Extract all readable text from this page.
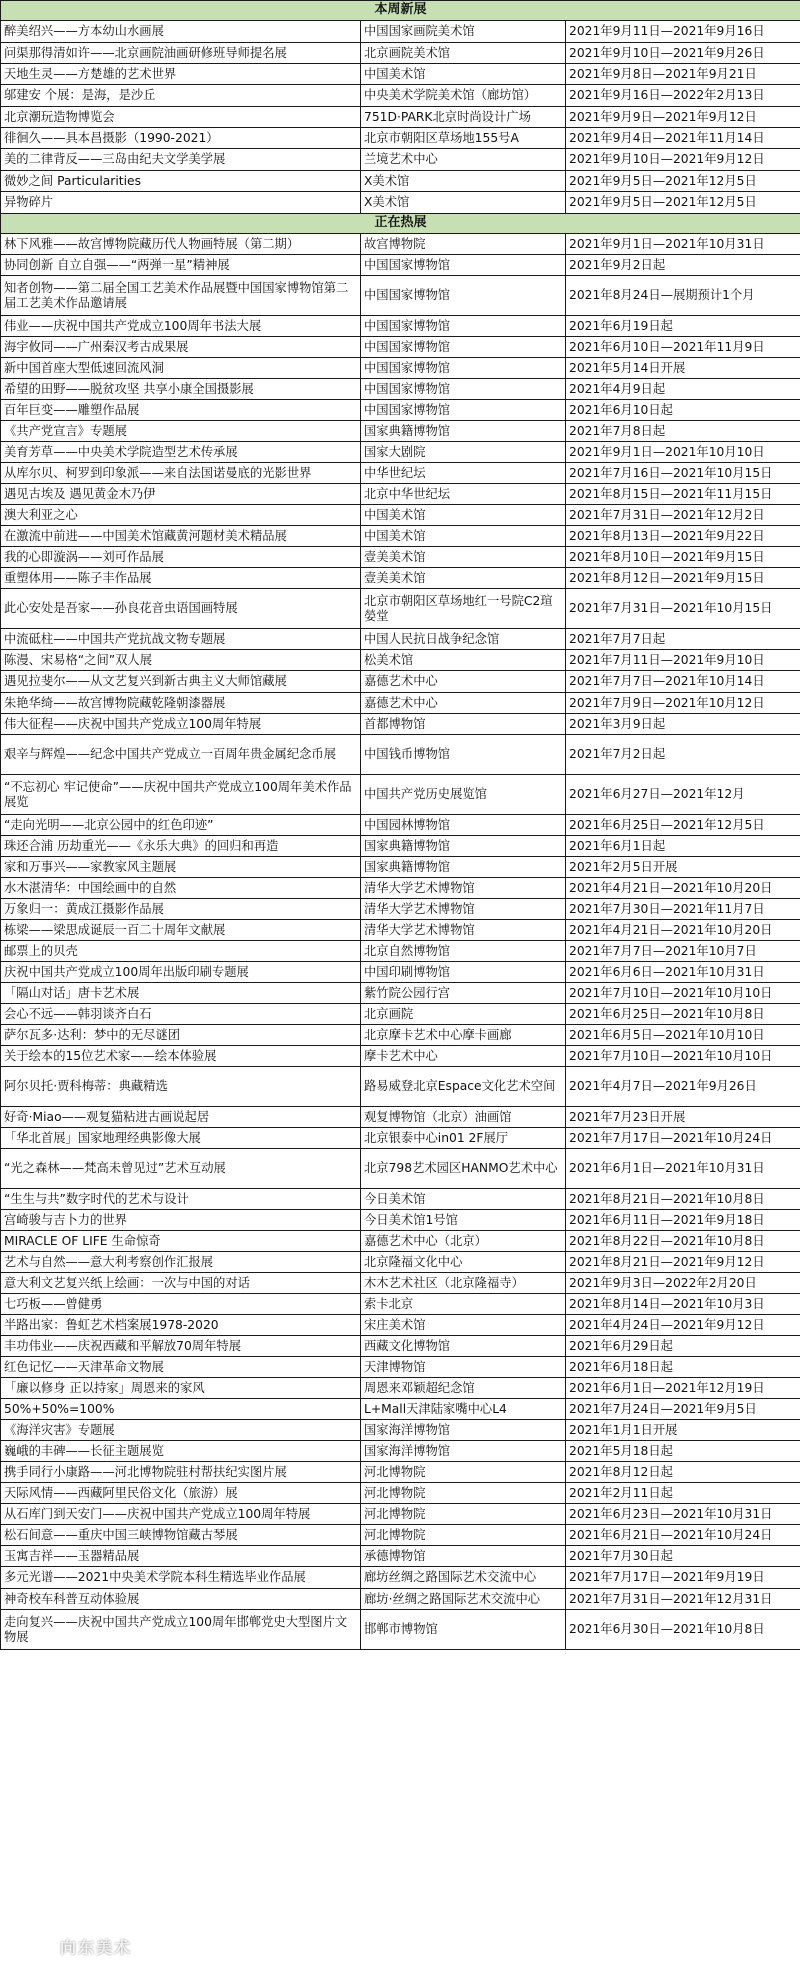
本周新展		
醉美绍兴——方本幼山水画展	中国国家画院美术馆	2021年9月11日—2021年9月16日
问渠那得清如许——北京画院油画研修班导师提名展	北京画院美术馆	2021年9月10日—2021年9月26日
天地生灵——方楚雄的艺术世界	中国美术馆	2021年9月8日—2021年9月21日
邬建安 个展：是海，是沙丘	中央美术学院美术馆（廊坊馆）	2021年9月16日—2022年2月13日
北京潮玩造物博览会	751D·PARK北京时尚设计广场	2021年9月9日—2021年9月12日
徘徊久——具本昌摄影（1990-2021）	北京市朝阳区草场地155号A	2021年9月4日—2021年11月14日
美的二律背反——三岛由纪夫文学美学展	兰境艺术中心	2021年9月10日—2021年9月12日
微妙之间 Particularities	X美术馆	2021年9月5日—2021年12月5日
异物碎片	X美术馆	2021年9月5日—2021年12月5日
正在热展		
林下风雅——故宫博物院藏历代人物画特展（第二期）	故宫博物院	2021年9月1日—2021年10月31日
协同创新 自立自强——“两弹一星”精神展	中国国家博物馆	2021年9月2日起
知者创物——第二届全国工艺美术作品展暨中国国家博物馆第二届工艺美术作品邀请展	中国国家博物馆	2021年8月24日—展期预计1个月
伟业——庆祝中国共产党成立100周年书法大展	中国国家博物馆	2021年6月19日起
海宇攸同——广州秦汉考古成果展	中国国家博物馆	2021年6月10日—2021年11月9日
新中国首座大型低速回流风洞	中国国家博物馆	2021年5月14日开展
希望的田野——脱贫攻坚 共享小康全国摄影展	中国国家博物馆	2021年4月9日起
百年巨变——雕塑作品展	中国国家博物馆	2021年6月10日起
《共产党宣言》专题展	国家典籍博物馆	2021年7月8日起
美育芳草——中央美术学院造型艺术传承展	国家大剧院	2021年9月1日—2021年10月10日
从库尔贝、柯罗到印象派——来自法国诺曼底的光影世界	中华世纪坛	2021年7月16日—2021年10月15日
遇见古埃及 遇见黄金木乃伊	北京中华世纪坛	2021年8月15日—2021年11月15日
澳大利亚之心	中国美术馆	2021年7月31日—2021年12月2日
在激流中前进——中国美术馆藏黄河题材美术精品展	中国美术馆	2021年8月13日—2021年9月22日
我的心即漩涡——刘可作品展	壹美美术馆	2021年8月10日—2021年9月15日
重塑体用——陈子丰作品展	壹美美术馆	2021年8月12日—2021年9月15日
此心安处是吾家——孙良花音虫语国画特展	北京市朝阳区草场地红一号院C2瑄嫈堂	2021年7月31日—2021年10月15日
中流砥柱——中国共产党抗战文物专题展	中国人民抗日战争纪念馆	2021年7月7日起
陈漫、宋易格“之间”双人展	松美术馆	2021年7月11日—2021年9月10日
遇见拉斐尔——从文艺复兴到新古典主义大师馆藏展	嘉德艺术中心	2021年7月7日—2021年10月14日
朱艳华绮——故宫博物院藏乾隆朝漆器展	嘉德艺术中心	2021年7月9日—2021年10月12日
伟大征程——庆祝中国共产党成立100周年特展	首都博物馆	2021年3月9日起
艰辛与辉煌——纪念中国共产党成立一百周年贵金属纪念币展	中国钱币博物馆	2021年7月2日起
“不忘初心 牢记使命”——庆祝中国共产党成立100周年美术作品展览	中国共产党历史展览馆	2021年6月27日—2021年12月
“走向光明——北京公园中的红色印迹”	中国园林博物馆	2021年6月25日—2021年12月5日
珠还合浦 历劫重光——《永乐大典》的回归和再造	国家典籍博物馆	2021年6月1日起
家和万事兴——家教家风主题展	国家典籍博物馆	2021年2月5日开展
水木湛清华：中国绘画中的自然	清华大学艺术博物馆	2021年4月21日—2021年10月20日
万象归一：黄成江摄影作品展	清华大学艺术博物馆	2021年7月30日—2021年11月7日
栋梁——梁思成诞辰一百二十周年文献展	清华大学艺术博物馆	2021年4月21日—2021年10月20日
邮票上的贝壳	北京自然博物馆	2021年7月7日—2021年10月7日
庆祝中国共产党成立100周年出版印刷专题展	中国印刷博物馆	2021年6月6日—2021年10月31日
「隔山对话」唐卡艺术展	紫竹院公园行宫	2021年7月10日—2021年10月10日
会心不远——韩羽谈齐白石	北京画院	2021年6月25日—2021年10月8日
萨尔瓦多·达利：梦中的无尽谜团	北京摩卡艺术中心摩卡画廊	2021年6月5日—2021年10月10日
关于绘本的15位艺术家——绘本体验展	摩卡艺术中心	2021年7月10日—2021年10月10日
阿尔贝托·贾科梅蒂：典藏精选	路易威登北京Espace文化艺术空间	2021年4月7日—2021年9月26日
好奇·Miao——观复猫粘进古画说起居	观复博物馆（北京）油画馆	2021年7月23日开展
「华北首展」国家地理经典影像大展	北京银泰中心in01 2F展厅	2021年7月17日—2021年10月24日
“光之森林——梵高未曾见过”艺术互动展	北京798艺术园区HANMO艺术中心	2021年6月1日—2021年10月31日
“生生与共”数字时代的艺术与设计	今日美术馆	2021年8月21日—2021年10月8日
宫崎骏与吉卜力的世界	今日美术馆1号馆	2021年6月11日—2021年9月18日
MIRACLE OF LIFE 生命惊奇	嘉德艺术中心（北京）	2021年8月22日—2021年10月8日
艺术与自然——意大利考察创作汇报展	北京隆福文化中心	2021年8月21日—2021年9月12日
意大利文艺复兴纸上绘画：一次与中国的对话	木木艺术社区（北京隆福寺）	2021年9月3日—2022年2月20日
七巧板——曾健勇	索卡北京	2021年8月14日—2021年10月3日
半路出家：鲁虹艺术档案展1978-2020	宋庄美术馆	2021年4月24日—2021年9月12日
丰功伟业——庆祝西藏和平解放70周年特展	西藏文化博物馆	2021年6月29日起
红色记忆——天津革命文物展	天津博物馆	2021年6月18日起
「廉以修身 正以持家」周恩来的家风	周恩来邓颖超纪念馆	2021年6月1日—2021年12月19日
50%+50%=100%	L+Mall天津陆家嘴中心L4	2021年7月24日—2021年9月5日
《海洋灾害》专题展	国家海洋博物馆	2021年1月1日开展
巍峨的丰碑——长征主题展览	国家海洋博物馆	2021年5月18日起
携手同行小康路——河北博物院驻村帮扶纪实图片展	河北博物院	2021年8月12日起
天际风情——西藏阿里民俗文化（旅游）展	河北博物院	2021年2月11日起
从石库门到天安门——庆祝中国共产党成立100周年特展	河北博物院	2021年6月23日—2021年10月31日
松石间意——重庆中国三峡博物馆藏古琴展	河北博物院	2021年6月21日—2021年10月24日
玉寓吉祥——玉器精品展	承德博物馆	2021年7月30日起
多元光谱——2021中央美术学院本科生精选毕业作品展	廊坊丝绸之路国际艺术交流中心	2021年7月17日—2021年9月19日
神奇校车科普互动体验展	廊坊·丝绸之路国际艺术交流中心	2021年7月31日—2021年12月31日
走向复兴——庆祝中国共产党成立100周年邯郸党史大型图片文物展	邯郸市博物馆	2021年6月30日—2021年10月8日
向东美术
